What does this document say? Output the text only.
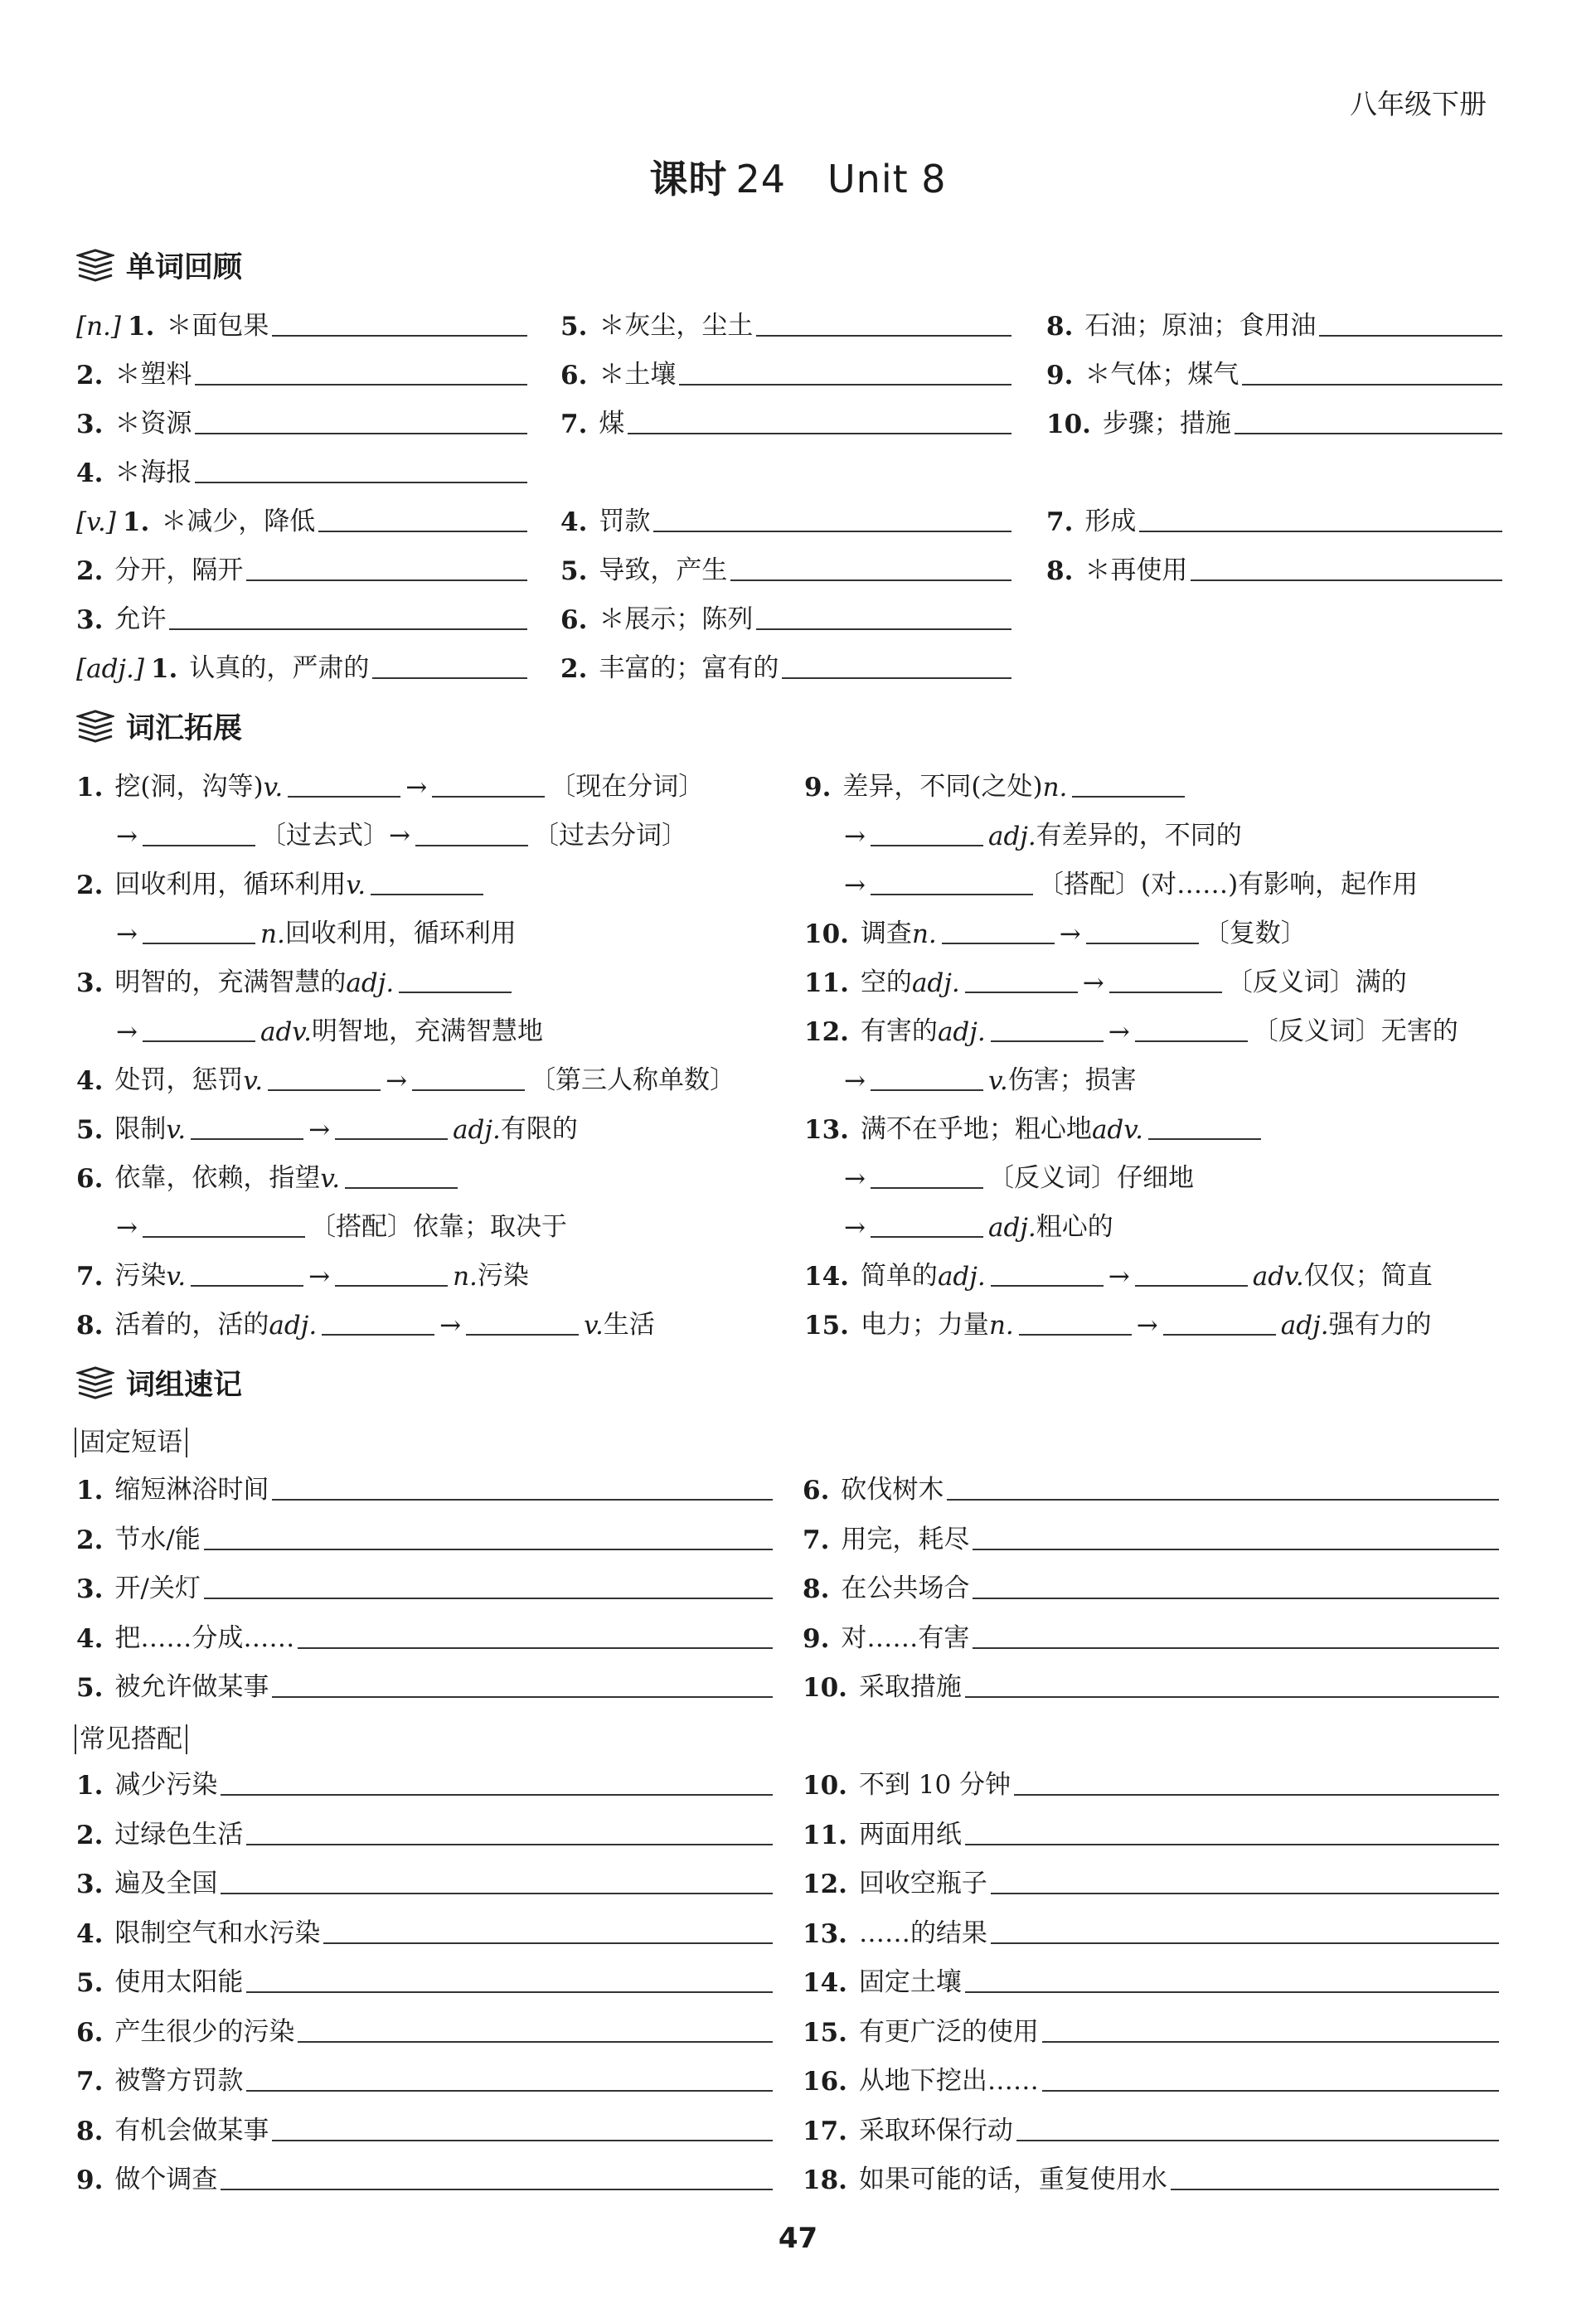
八年级下册
课时 24 Unit 8
单词回顾
词汇拓展
词组速记
[n.] 1. ＊面包果
2. ＊塑料
3. ＊资源
4. ＊海报
[v.] 1. ＊减少，降低
2. 分开，隔开
3. 允许
[adj.] 1. 认真的，严肃的
5. ＊灰尘，尘土
6. ＊土壤
7. 煤
4. 罚款
5. 导致，产生
6. ＊展示；陈列
2. 丰富的；富有的
8. 石油；原油；食用油
9. ＊气体；煤气
10. 步骤；措施
7. 形成
8. ＊再使用
1. 挖(洞，沟等) v.	→	〔现在分词〕
→	〔过去式〕→	〔过去分词〕
2. 回收利用，循环利用 v.
→	n. 回收利用，循环利用
3. 明智的，充满智慧的 adj.
→	adv. 明智地，充满智慧地
4. 处罚，惩罚 v.	→	〔第三人称单数〕
5. 限制 v.	→	adj. 有限的
6. 依靠，依赖，指望 v.
→	〔搭配〕依靠；取决于
7. 污染 v.	→	n. 污染
8. 活着的，活的 adj.	→	v. 生活
9. 差异，不同(之处) n.
→	adj. 有差异的，不同的
→	〔搭配〕(对……)有影响，起作用
10. 调查 n.	→	〔复数〕
11. 空的 adj.	→	〔反义词〕满的
12. 有害的 adj.	→	〔反义词〕无害的
→	v. 伤害；损害
13. 满不在乎地；粗心地 adv.
→	〔反义词〕仔细地
→	adj. 粗心的
14. 简单的 adj.	→	adv. 仅仅；简直
15. 电力；力量 n.	→	adj. 强有力的
固定短语
常见搭配
1. 缩短淋浴时间
2. 节水/能
3. 开/关灯
4. 把……分成……
5. 被允许做某事
6. 砍伐树木
7. 用完，耗尽
8. 在公共场合
9. 对……有害
10. 采取措施
1. 减少污染
2. 过绿色生活
3. 遍及全国
4. 限制空气和水污染
5. 使用太阳能
6. 产生很少的污染
7. 被警方罚款
8. 有机会做某事
9. 做个调查
10. 不到 10 分钟
11. 两面用纸
12. 回收空瓶子
13. ……的结果
14. 固定土壤
15. 有更广泛的使用
16. 从地下挖出……
17. 采取环保行动
18. 如果可能的话，重复使用水
47
